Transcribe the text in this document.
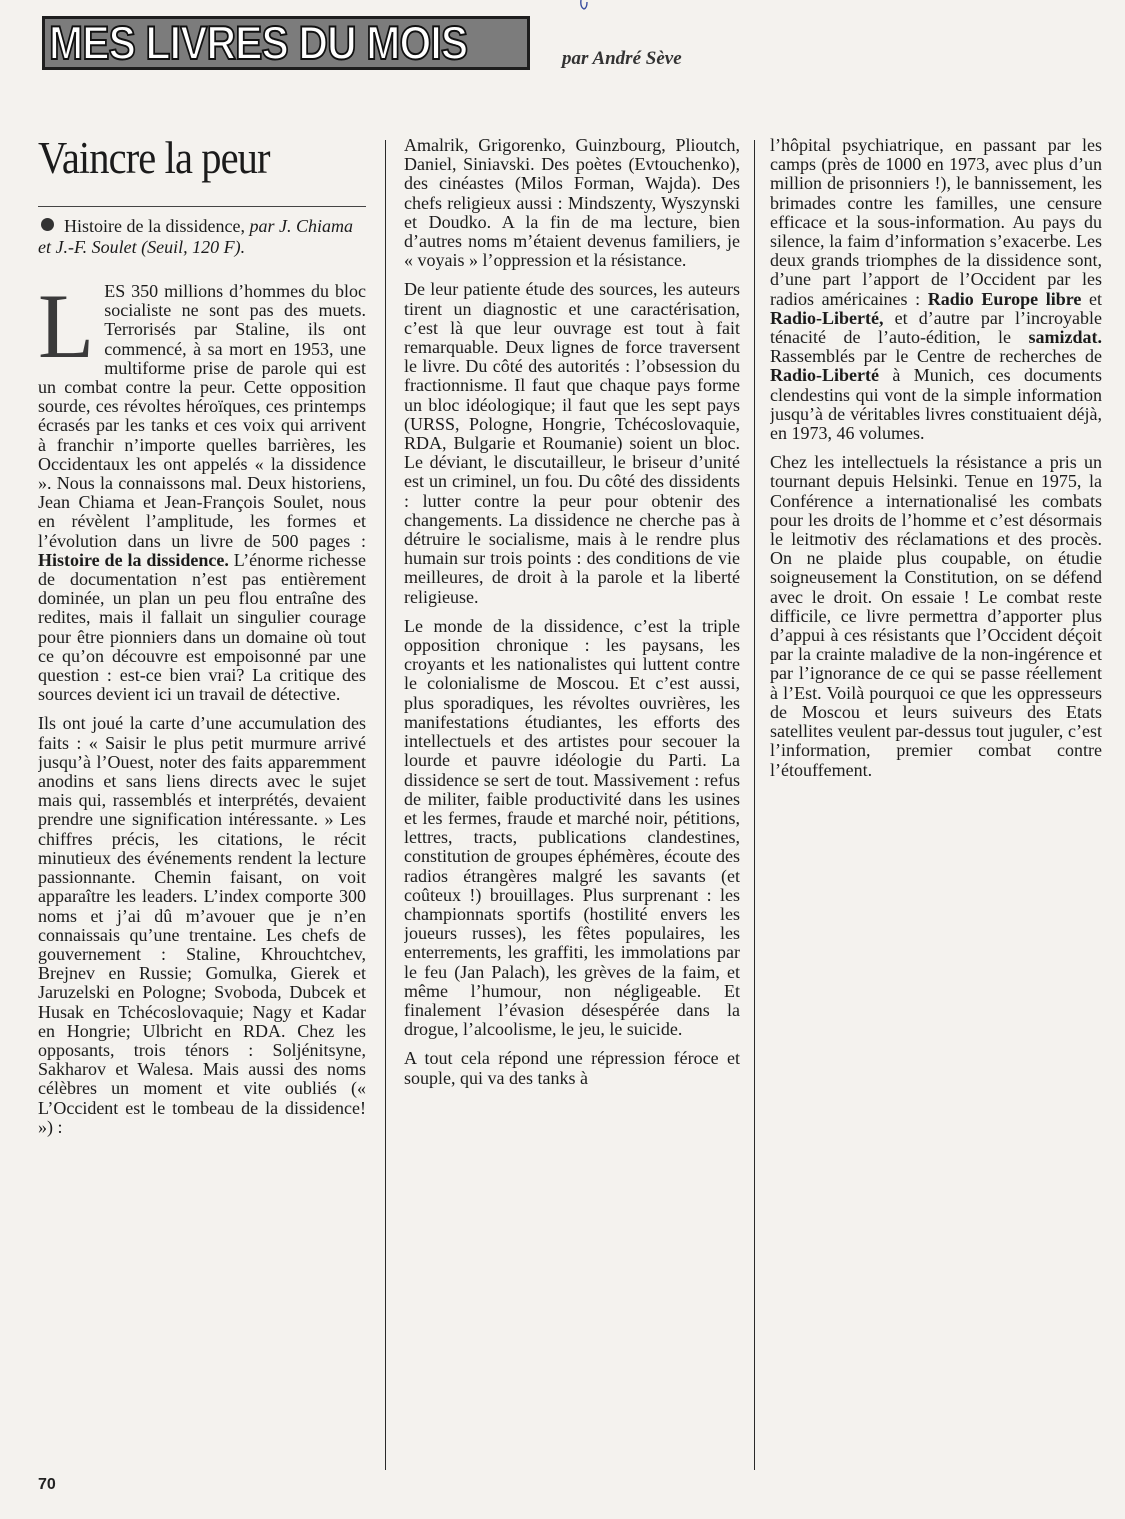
MES LIVRES DU MOIS	par André Sève
Vaincre la peur
Histoire de la dissidence, par J. Chiama et J.-F. Soulet (Seuil, 120 F).

LES 350 millions d’hommes du bloc socialiste ne sont pas des muets. Terrorisés par Staline, ils ont commencé, à sa mort en 1953, une multiforme prise de parole qui est un combat contre la peur. Cette opposition sourde, ces révoltes héroïques, ces printemps écrasés par les tanks et ces voix qui arrivent à franchir n’importe quelles barrières, les Occidentaux les ont appelés « la dissidence ». Nous la connaissons mal. Deux historiens, Jean Chiama et Jean-François Soulet, nous en révèlent l’amplitude, les formes et l’évolution dans un livre de 500 pages : Histoire de la dissidence. L’énorme richesse de documentation n’est pas entièrement dominée, un plan un peu flou entraîne des redites, mais il fallait un singulier courage pour être pionniers dans un domaine où tout ce qu’on découvre est empoisonné par une question : est-ce bien vrai? La critique des sources devient ici un travail de détective.

Ils ont joué la carte d’une accumulation des faits : « Saisir le plus petit murmure arrivé jusqu’à l’Ouest, noter des faits apparemment anodins et sans liens directs avec le sujet mais qui, rassemblés et interprétés, devaient prendre une signification intéressante. » Les chiffres précis, les citations, le récit minutieux des événements rendent la lecture passionnante. Chemin faisant, on voit apparaître les leaders. L’index comporte 300 noms et j’ai dû m’avouer que je n’en connaissais qu’une trentaine. Les chefs de gouvernement : Staline, Khrouchtchev, Brejnev en Russie; Gomulka, Gierek et Jaruzelski en Pologne; Svoboda, Dubcek et Husak en Tchécoslovaquie; Nagy et Kadar en Hongrie; Ulbricht en RDA. Chez les opposants, trois ténors : Soljénitsyne, Sakharov et Walesa. Mais aussi des noms célèbres un moment et vite oubliés (« L’Occident est le tombeau de la dissidence! ») :

Amalrik, Grigorenko, Guinzbourg, Plioutch, Daniel, Siniavski. Des poètes (Evtouchenko), des cinéastes (Milos Forman, Wajda). Des chefs religieux aussi : Mindszenty, Wyszynski et Doudko. A la fin de ma lecture, bien d’autres noms m’étaient devenus familiers, je « voyais » l’oppression et la résistance.

De leur patiente étude des sources, les auteurs tirent un diagnostic et une caractérisation, c’est là que leur ouvrage est tout à fait remarquable. Deux lignes de force traversent le livre. Du côté des autorités : l’obsession du fractionnisme. Il faut que chaque pays forme un bloc idéologique; il faut que les sept pays (URSS, Pologne, Hongrie, Tchécoslovaquie, RDA, Bulgarie et Roumanie) soient un bloc. Le déviant, le discutailleur, le briseur d’unité est un criminel, un fou. Du côté des dissidents : lutter contre la peur pour obtenir des changements. La dissidence ne cherche pas à détruire le socialisme, mais à le rendre plus humain sur trois points : des conditions de vie meilleures, de droit à la parole et la liberté religieuse.

Le monde de la dissidence, c’est la triple opposition chronique : les paysans, les croyants et les nationalistes qui luttent contre le colonialisme de Moscou. Et c’est aussi, plus sporadiques, les révoltes ouvrières, les manifestations étudiantes, les efforts des intellectuels et des artistes pour secouer la lourde et pauvre idéologie du Parti. La dissidence se sert de tout. Massivement : refus de militer, faible productivité dans les usines et les fermes, fraude et marché noir, pétitions, lettres, tracts, publications clandestines, constitution de groupes éphémères, écoute des radios étrangères malgré les savants (et coûteux !) brouillages. Plus surprenant : les championnats sportifs (hostilité envers les joueurs russes), les fêtes populaires, les enterrements, les graffiti, les immolations par le feu (Jan Palach), les grèves de la faim, et même l’humour, non négligeable. Et finalement l’évasion désespérée dans la drogue, l’alcoolisme, le jeu, le suicide.

A tout cela répond une répression féroce et souple, qui va des tanks à

l’hôpital psychiatrique, en passant par les camps (près de 1000 en 1973, avec plus d’un million de prisonniers !), le bannissement, les brimades contre les familles, une censure efficace et la sous-information. Au pays du silence, la faim d’information s’exacerbe. Les deux grands triomphes de la dissidence sont, d’une part l’apport de l’Occident par les radios américaines : Radio Europe libre et Radio-Liberté, et d’autre par l’incroyable ténacité de l’auto-édition, le samizdat. Rassemblés par le Centre de recherches de Radio-Liberté à Munich, ces documents clendestins qui vont de la simple information jusqu’à de véritables livres constituaient déjà, en 1973, 46 volumes.

Chez les intellectuels la résistance a pris un tournant depuis Helsinki. Tenue en 1975, la Conférence a internationalisé les combats pour les droits de l’homme et c’est désormais le leitmotiv des réclamations et des procès. On ne plaide plus coupable, on étudie soigneusement la Constitution, on se défend avec le droit. On essaie ! Le combat reste difficile, ce livre permettra d’apporter plus d’appui à ces résistants que l’Occident déçoit par la crainte maladive de la non-ingérence et par l’ignorance de ce qui se passe réellement à l’Est. Voilà pourquoi ce que les oppresseurs de Moscou et leurs suiveurs des Etats satellites veulent par-dessus tout juguler, c’est l’information, premier combat contre l’étouffement.

70
